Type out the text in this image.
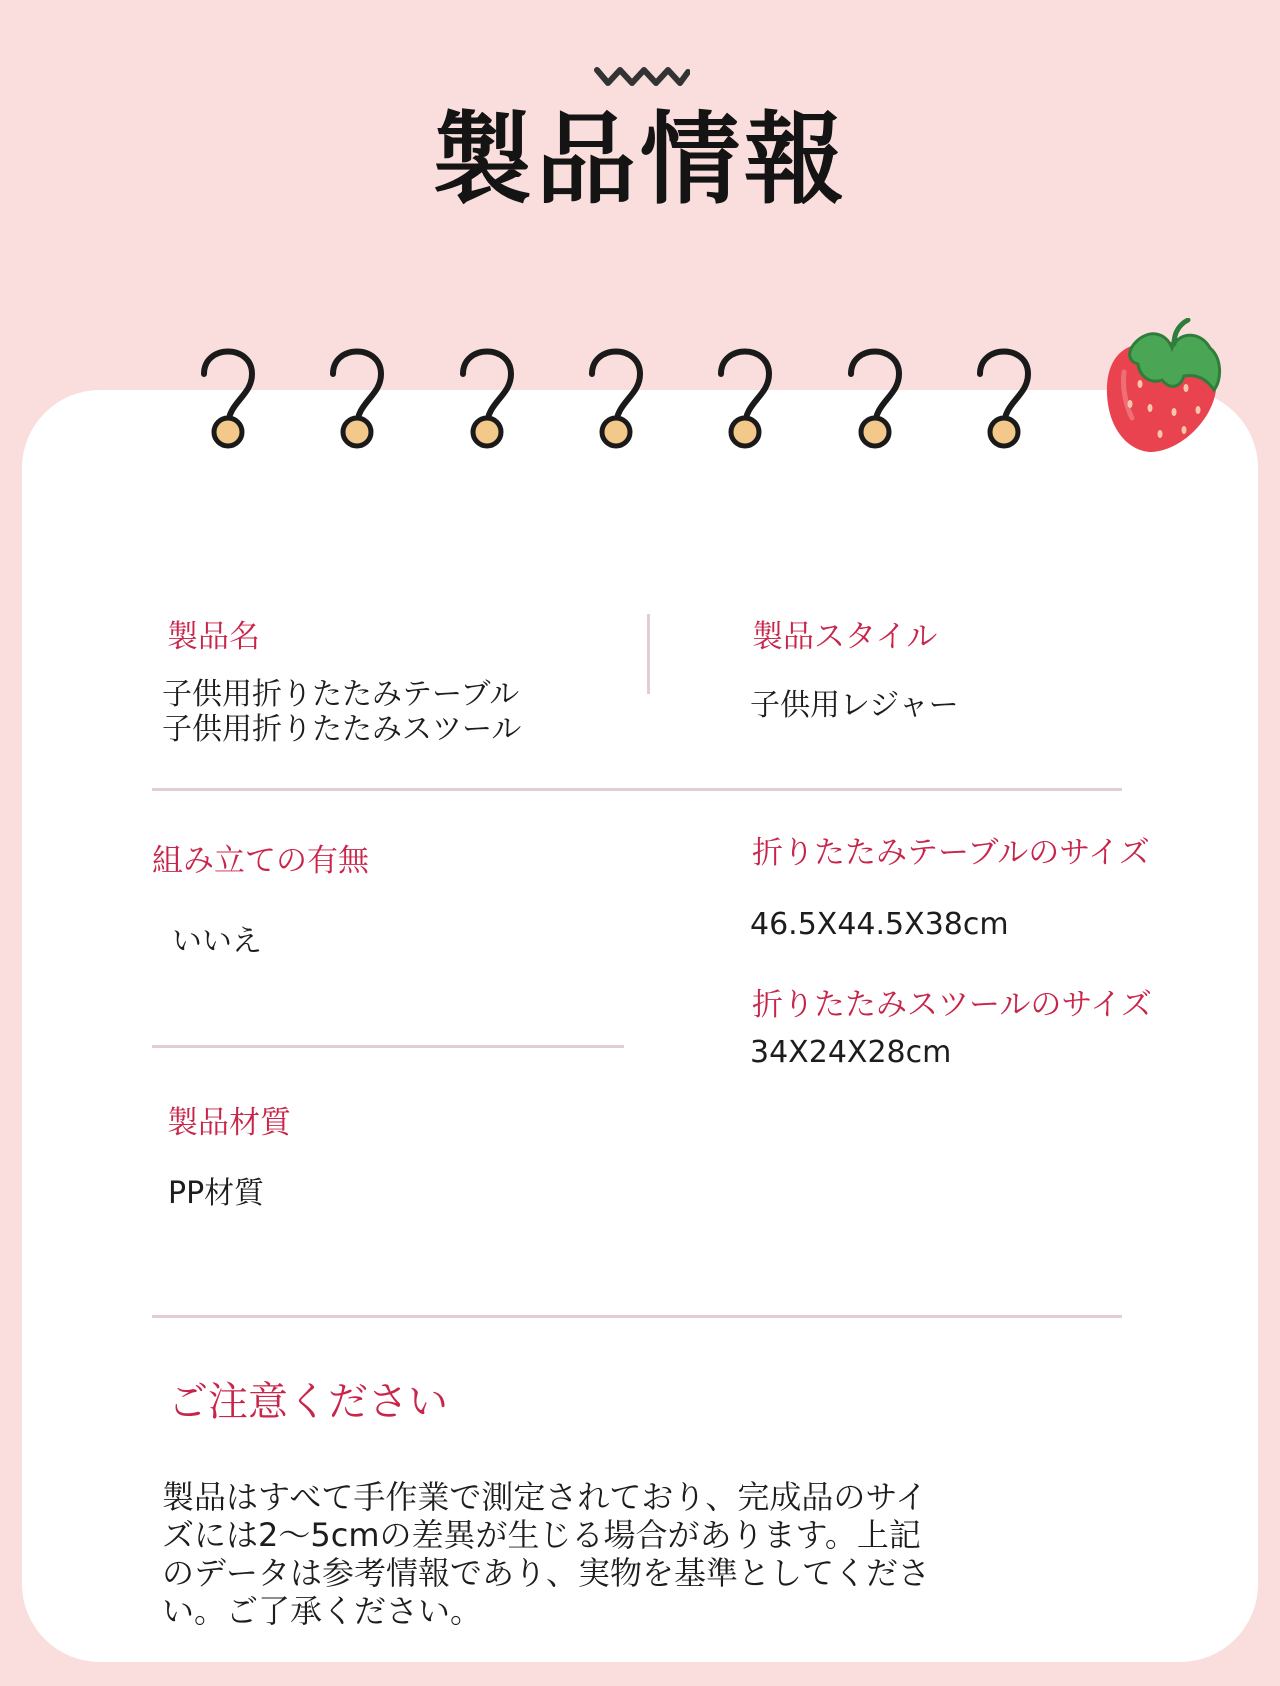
製品情報
製品名
子供用折りたたみテーブル
子供用折りたたみスツール
製品スタイル
子供用レジャー
組み立ての有無
いいえ
折りたたみテーブルのサイズ
46.5X44.5X38cm
折りたたみスツールのサイズ
34X24X28cm
製品材質
PP材質
ご注意ください
製品はすべて手作業で測定されており、完成品のサイ
ズには2～5cmの差異が生じる場合があります。上記
のデータは参考情報であり、実物を基準としてくださ
い。ご了承ください。
